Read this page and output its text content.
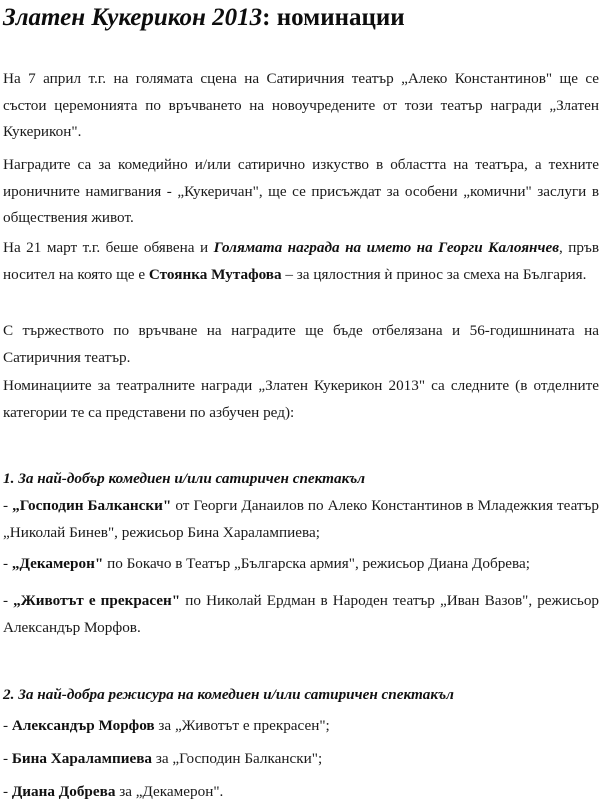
Златен Кукерикон 2013: номинации

На 7 април т.г. на голямата сцена на Сатиричния театър „Алеко Константинов" ще се състои церемонията по връчването на новоучредените от този театър награди „Златен Кукерикон".

Наградите са за комедийно и/или сатирично изкуство в областта на театъра, а техните ироничните намигвания - „Кукеричан", ще се присъждат за особени „комични" заслуги в обществения живот.

На 21 март т.г. беше обявена и Голямата награда на името на Георги Калоянчев, пръв носител на която ще е Стоянка Мутафова – за цялостния ѝ принос за смеха на България.

С тържеството по връчване на наградите ще бъде отбелязана и 56-годишнината на Сатиричния театър.

Номинациите за театралните награди „Златен Кукерикон 2013" са следните (в отделните категории те са представени по азбучен ред):

1. За най-добър комедиен и/или сатиричен спектакъл

- „Господин Балкански" от Георги Данаилов по Алеко Константинов в Младежкия театър „Николай Бинев", режисьор Бина Харалампиева;

- „Декамерон" по Бокачо в Театър „Българска армия", режисьор Диана Добрева;

- „Животът е прекрасен" по Николай Ердман в Народен театър „Иван Вазов", режисьор Александър Морфов.

2. За най-добра режисура на комедиен и/или сатиричен спектакъл

- Александър Морфов за „Животът е прекрасен";

- Бина Харалампиева за „Господин Балкански";

- Диана Добрева за „Декамерон".
